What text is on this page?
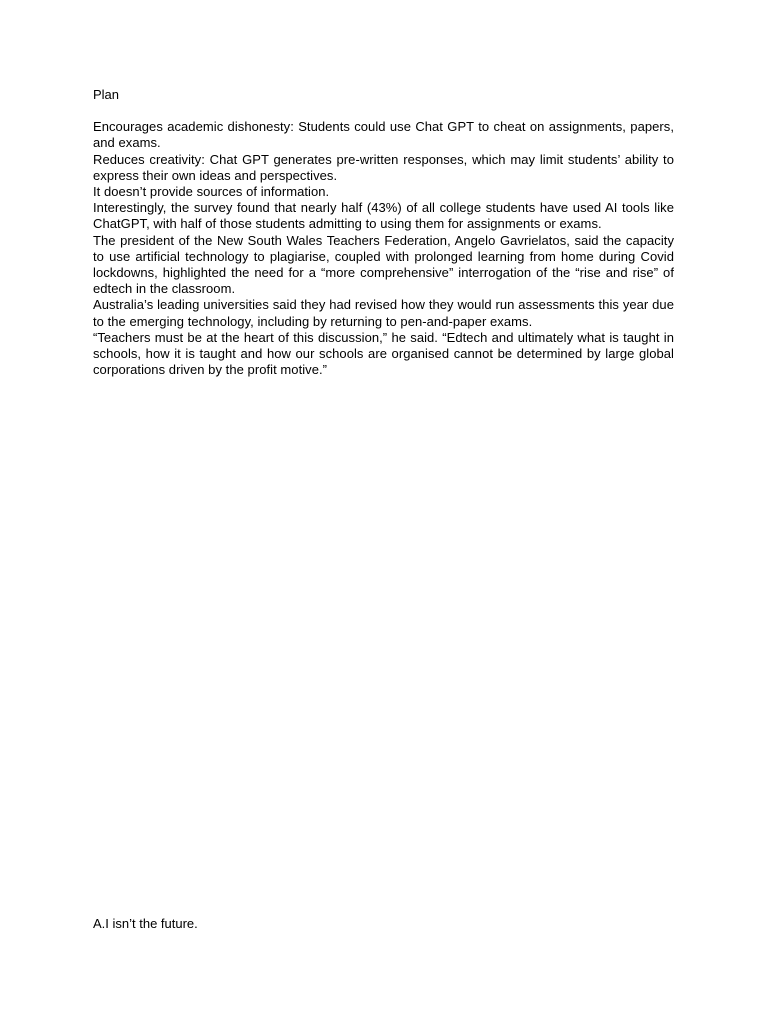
Plan

Encourages academic dishonesty: Students could use Chat GPT to cheat on assignments, papers, and exams.

Reduces creativity: Chat GPT generates pre-written responses, which may limit students’ ability to express their own ideas and perspectives.

It doesn’t provide sources of information.

Interestingly, the survey found that nearly half (43%) of all college students have used AI tools like ChatGPT, with half of those students admitting to using them for assignments or exams.

The president of the New South Wales Teachers Federation, Angelo Gavrielatos, said the capacity to use artificial technology to plagiarise, coupled with prolonged learning from home during Covid lockdowns, highlighted the need for a “more comprehensive” interrogation of the “rise and rise” of edtech in the classroom.

Australia’s leading universities said they had revised how they would run assessments this year due to the emerging technology, including by returning to pen-and-paper exams.

“Teachers must be at the heart of this discussion,” he said. “Edtech and ultimately what is taught in schools, how it is taught and how our schools are organised cannot be determined by large global corporations driven by the profit motive.”

A.I isn’t the future.
